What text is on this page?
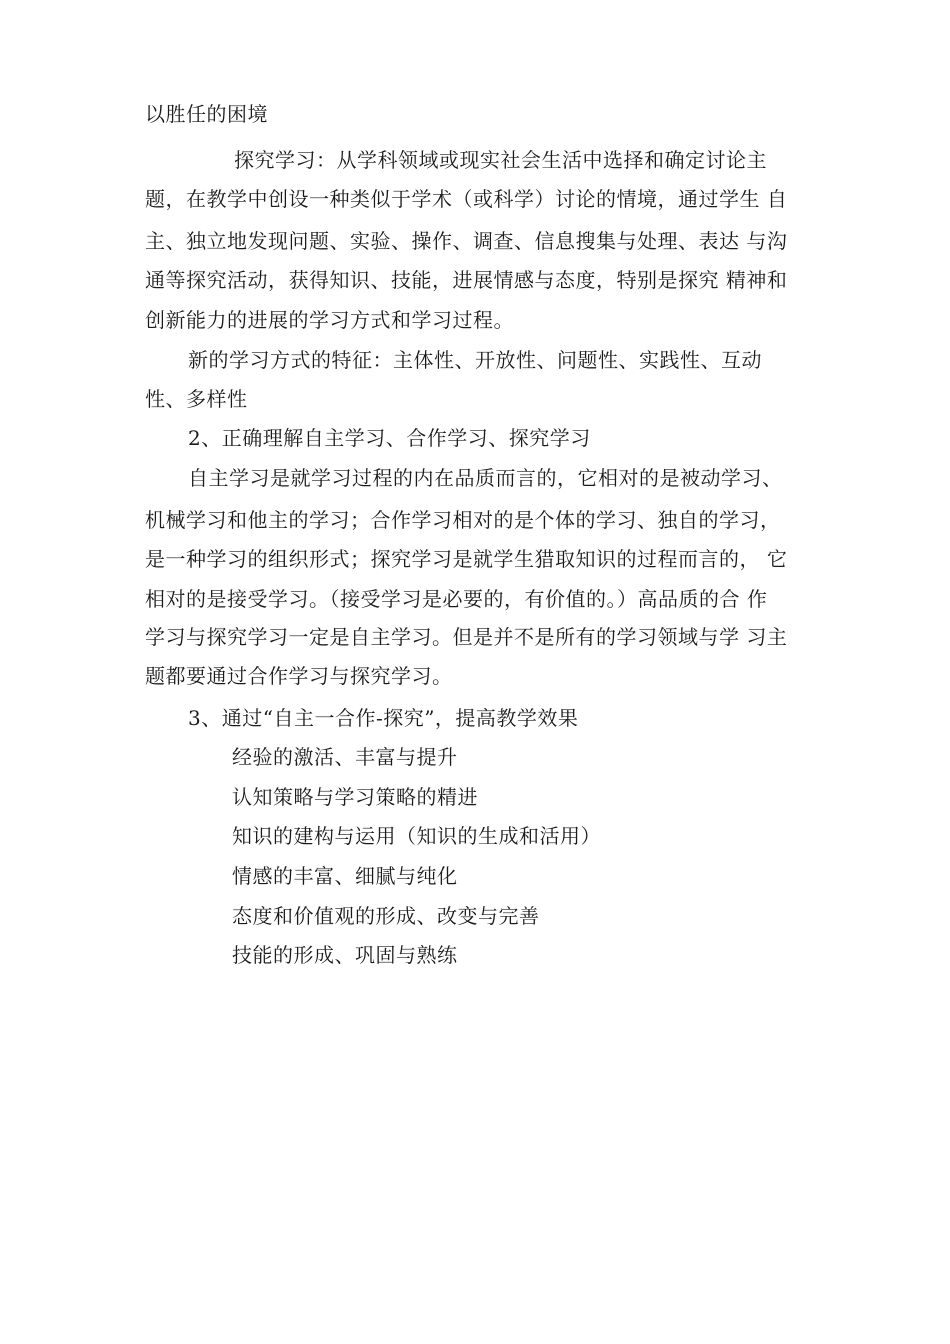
以胜任的困境
探究学习：从学科领域或现实社会生活中选择和确定讨论主
题，在教学中创设一种类似于学术（或科学）讨论的情境，通过学生 自
主、独立地发现问题、实验、操作、调查、信息搜集与处理、表达 与沟
通等探究活动，获得知识、技能，进展情感与态度，特别是探究 精神和
创新能力的进展的学习方式和学习过程。
新的学习方式的特征：主体性、开放性、问题性、实践性、互动
性、多样性
2、正确理解自主学习、合作学习、探究学习
自主学习是就学习过程的内在品质而言的，它相对的是被动学习、
机械学习和他主的学习；合作学习相对的是个体的学习、独自的学习，
是一种学习的组织形式；探究学习是就学生猎取知识的过程而言的， 它
相对的是接受学习。（接受学习是必要的，有价值的。）高品质的合 作
学习与探究学习一定是自主学习。但是并不是所有的学习领域与学 习主
题都要通过合作学习与探究学习。
3、通过“自主一合作-探究”，提高教学效果
经验的激活、丰富与提升
认知策略与学习策略的精进
知识的建构与运用（知识的生成和活用）
情感的丰富、细腻与纯化
态度和价值观的形成、改变与完善
技能的形成、巩固与熟练
